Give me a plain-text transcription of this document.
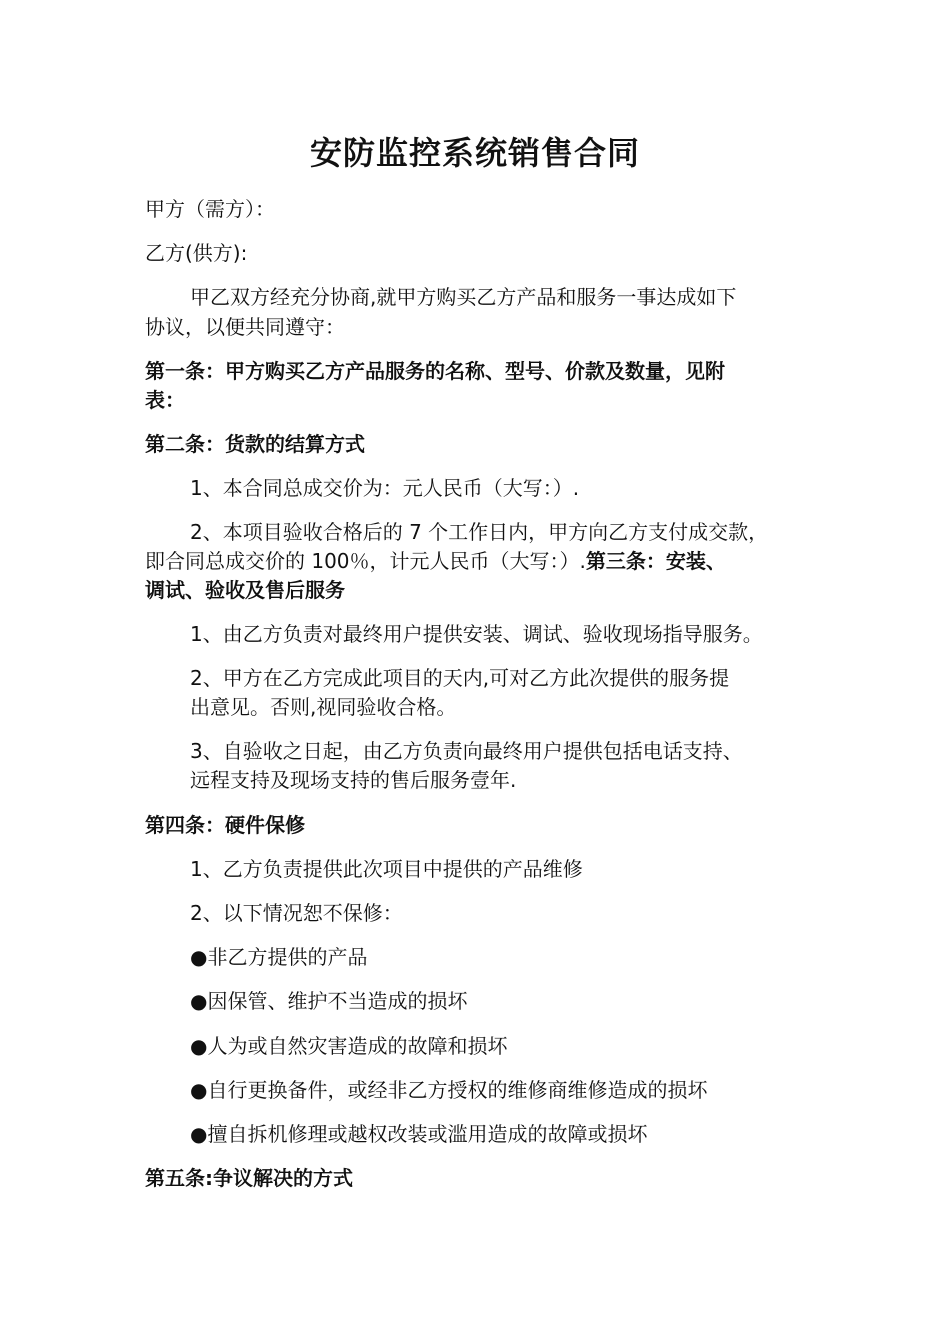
安防监控系统销售合同
甲方（需方）：
乙方(供方):
甲乙双方经充分协商,就甲方购买乙方产品和服务一事达成如下
协议，以便共同遵守：
第一条：甲方购买乙方产品服务的名称、型号、价款及数量，见附
表：
第二条：货款的结算方式
1、本合同总成交价为：元人民币（大写：）.
2、本项目验收合格后的 7 个工作日内，甲方向乙方支付成交款，
即合同总成交价的 100％，计元人民币（大写：）.第三条：安装、
调试、验收及售后服务
1、由乙方负责对最终用户提供安装、调试、验收现场指导服务。
2、甲方在乙方完成此项目的天内,可对乙方此次提供的服务提
出意见。否则,视同验收合格。
3、自验收之日起，由乙方负责向最终用户提供包括电话支持、
远程支持及现场支持的售后服务壹年.
第四条：硬件保修
1、乙方负责提供此次项目中提供的产品维修
2、以下情况恕不保修：
●非乙方提供的产品
●因保管、维护不当造成的损坏
●人为或自然灾害造成的故障和损坏
●自行更换备件，或经非乙方授权的维修商维修造成的损坏
●擅自拆机修理或越权改装或滥用造成的故障或损坏
第五条:争议解决的方式
